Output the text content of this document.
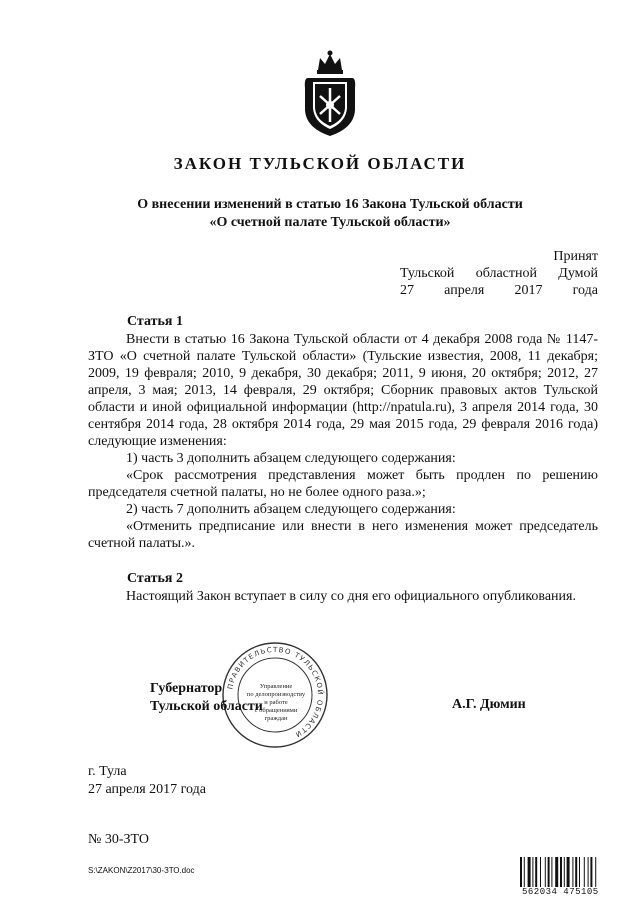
ЗАКОН ТУЛЬСКОЙ ОБЛАСТИ
О внесении изменений в статью 16 Закона Тульской области
«О счетной палате Тульской области»
Принят
Тульской областной Думой
27 апреля 2017 года
Статья 1

Внести в статью 16 Закона Тульской области от 4 декабря 2008 года № 1147-ЗТО «О счетной палате Тульской области» (Тульские известия, 2008, 11 декабря; 2009, 19 февраля; 2010, 9 декабря, 30 декабря; 2011, 9 июня, 20 октября; 2012, 27 апреля, 3 мая; 2013, 14 февраля, 29 октября; Сборник правовых актов Тульской области и иной официальной информации (http://npatula.ru), 3 апреля 2014 года, 30 сентября 2014 года, 28 октября 2014 года, 29 мая 2015 года, 29 февраля 2016 года) следующие изменения:

1) часть 3 дополнить абзацем следующего содержания:

«Срок рассмотрения представления может быть продлен по решению председателя счетной палаты, но не более одного раза.»;

2) часть 7 дополнить абзацем следующего содержания:

«Отменить предписание или внести в него изменения может председатель счетной палаты.».

Статья 2

Настоящий Закон вступает в силу со дня его официального опубликования.

ПРАВИТЕЛЬСТВО ТУЛЬСКОЙ ОБЛАСТИ
Управление
по делопроизводству
и работе
с обращениями
граждан
Губернатор
Тульской области	А.Г. Дюмин
г. Тула
27 апреля 2017 года
№ 30-ЗТО
S:\ZAKON\Z2017\30-ЗТО.doc
562034 475105
